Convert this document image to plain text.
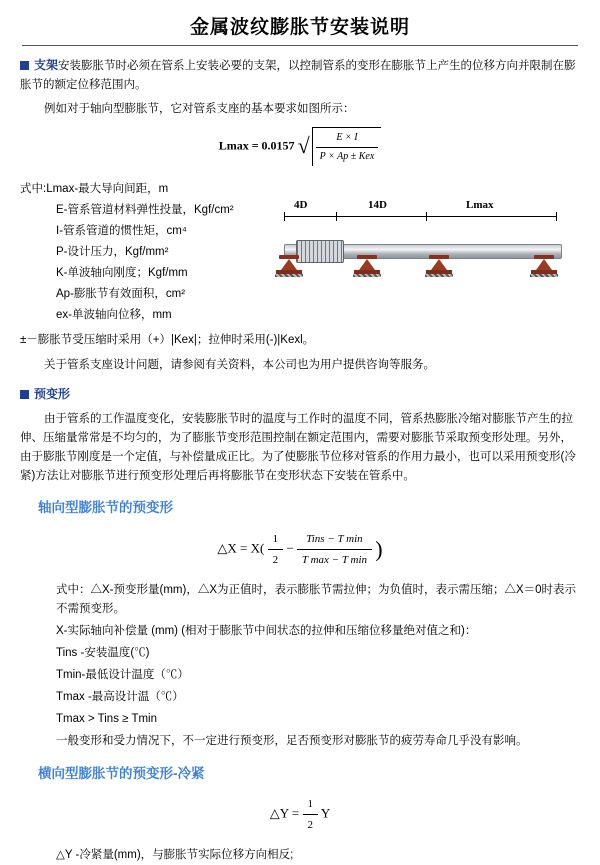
金属波纹膨胀节安装说明

支架安装膨胀节时必须在管系上安装必要的支架，以控制管系的变形在膨胀节上产生的位移方向并限制在膨胀节的额定位移范围内。

例如对于轴向型膨胀节，它对管系支座的基本要求如图所示：

Lmax = 0.0157 √ $\frac{E \times I}{\text{P × Ap ± Kex}}$
式中:Lmax-最大导向间距，m
E-管系管道材料弹性投量，Kgf/cm²
I-管系管道的惯性矩，cm⁴
P-设计压力，Kgf/mm²
K-单波轴向刚度；Kgf/mm
Ap-膨胀节有效面积，cm²
ex-单波轴向位移，mm
4D	14D	Lmax
±－膨胀节受压缩时采用（+）|Kex|；拉伸时采用(-)|Kexl。

关于管系支座设计问题，请参阅有关资料，本公司也为用户提供咨询等服务。

预变形

由于管系的工作温度变化，安装膨胀节时的温度与工作时的温度不同，管系热膨胀冷缩对膨胀节产生的拉伸、压缩量常常是不均匀的，为了膨胀节变形范围控制在额定范围内，需要对膨胀节采取预变形处理。另外，由于膨胀节刚度是一个定值，与补偿量成正比。为了使膨胀节位移对管系的作用力最小，也可以采用预变形(冷紧)方法让对膨胀节进行预变形处理后再将膨胀节在变形状态下安装在管系中。

轴向型膨胀节的预变形
△X = $X( \frac{1}{2} - \frac{\text{Tins − T min}}{\text{T max − T min}}$ )
式中：△X-预变形量(mm)，△X为正值时，表示膨胀节需拉伸；为负值时，表示需压缩；△X＝0时表示不需预变形。
X-实际轴向补偿量 (mm) (相对于膨胀节中间状态的拉伸和压缩位移量绝对值之和)：
Tins -安装温度(℃)
Tmin-最低设计温度（℃）
Tmax -最高设计温（℃）
Tmax > Tins ≥ Tmin
一般变形和受力情况下，不一定进行预变形，足否预变形对膨胀节的疲劳寿命几乎没有影响。
横向型膨胀节的预变形-冷紧
△Y = $\frac{1}{2}$ Y
△Y -冷紧量(mm)，与膨胀节实际位移方向相反;
